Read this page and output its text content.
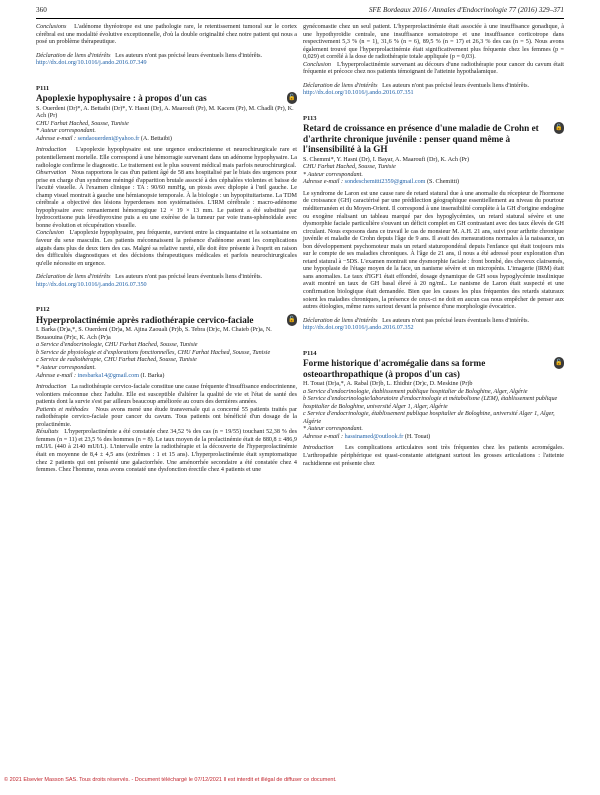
360	SFE Bordeaux 2016 / Annales d'Endocrinologie 77 (2016) 329–371

Conclusions L'adénome thyréotrope est une pathologie rare, le retentissement tumoral sur le cortex cérébral est une modalité évolutive exceptionnelle, d'où la double originalité chez notre patient qui nous a posé un problème thérapeutique.

Déclaration de liens d'intérêts Les auteurs n'ont pas précisé leurs éventuels liens d'intérêts.

http://dx.doi.org/10.1016/j.ando.2016.07.349

P111

Apoplexie hypophysaire : à propos d'un cas	🔓

S. Ouerdeni (Dr)*, A. Bettaibi (Dr)*, Y. Hasni (Dr), A. Maaroufi (Pr), M. Kacem (Pr), M. Chadli (Pr), K. Ach (Pr)

CHU Farhat Hached, Sousse, Tunisie

* Auteur correspondant.

Adresse e-mail : sendaouerdeni@yahoo.fr (A. Bettaibi)

Introduction L'apoplexie hypophysaire est une urgence endocrinienne et neurochirurgicale rare et potentiellement mortelle. Elle correspond à une hémorragie survenant dans un adénome hypophysaire. La radiologie confirme le diagnostic. Le traitement est le plus souvent médical mais parfois neurochirurgical.

Observation Nous rapportons le cas d'un patient âgé de 58 ans hospitalisé par le biais des urgences pour prise en charge d'un syndrome méningé d'apparition brutale associé à des céphalées violentes et baisse de l'acuité visuelle. À l'examen clinique : TA : 90/60 mmHg, un ptosis avec diplopie à l'œil gauche. Le champ visuel montrait à gauche une hémianopsie temporale. À la biologie : un hypopituitarisme. La TDM cérébrale a objectivé des lésions hyperdenses non systématisées. L'IRM cérébrale : macro-adénome hypophysaire avec remaniement hémorragique 12 × 19 × 13 mm. Le patient a été substitué par hydrocortisone puis lévothyroxine puis a eu une exérèse de la tumeur par voie trans-sphénoïdale avec bonne évolution et récupération visuelle.

Conclusion L'apoplexie hypophysaire, peu fréquente, survient entre la cinquantaine et la soixantaine en faveur du sexe masculin. Les patients méconnaissent la présence d'adénome avant les complications aiguës dans plus de deux tiers des cas. Malgré sa relative rareté, elle doit être présente à l'esprit en raison des difficultés diagnostiques et des décisions thérapeutiques médicales et parfois neurochirurgicales qu'elle nécessite en urgence.

Déclaration de liens d'intérêts Les auteurs n'ont pas précisé leurs éventuels liens d'intérêts.

http://dx.doi.org/10.1016/j.ando.2016.07.350

P112

Hyperprolactinémie après radiothérapie cervico-faciale	🔓

I. Barka (Dr)a,*, S. Ouerdeni (Dr)a, M. Ajina Zaouali (Pr)b, S. Tebra (Dr)c, M. Chaieb (Pr)a, N. Bouaouina (Pr)c, K. Ach (Pr)a

a Service d'endocrinologie, CHU Farhat Hached, Sousse, Tunisie

b Service de physiologie et d'explorations fonctionnelles, CHU Farhat Hached, Sousse, Tunisie

c Service de radiothérapie, CHU Farhat Hached, Sousse, Tunisie

* Auteur correspondant.

Adresse e-mail : inesbarka14@gmail.com (I. Barka)

Introduction La radiothérapie cervico-faciale constitue une cause fréquente d'insuffisance endocrinienne, volontiers méconnue chez l'adulte. Elle est susceptible d'altérer la qualité de vie et l'état de santé des patients dont la survie s'est par ailleurs beaucoup améliorée au cours des dernières années.

Patients et méthodes Nous avons mené une étude transversale qui a concerné 55 patients traités par radiothérapie cervico-faciale pour cancer du cavum. Tous patients ont bénéficié d'un dosage de la prolactinémie.

Résultats L'hyperprolactinémie a été constatée chez 34,52 % des cas (n = 19/55) touchant 52,38 % des femmes (n = 11) et 23,5 % des hommes (n = 8). Le taux moyen de la prolactinémie était de 880,8 ± 486,9 mUI/L (440 à 2140 mUI/L). L'intervalle entre la radiothérapie et la découverte de l'hyperprolactinémie était en moyenne de 8,4 ± 4,5 ans (extrêmes : 1 et 15 ans). L'hyperprolactinémie était symptomatique chez 2 patients qui ont présenté une galactorrhée. Une aménorrhée secondaire a été constatée chez 4 femmes. Chez l'homme, nous avons constaté une dysfonction érectile chez 4 patients et une

gynécomastie chez un seul patient. L'hyperprolactinémie était associée à une insuffisance gonadique, à une hypothyroïdie centrale, une insuffisance somatotrope et une insuffisance corticotrope dans respectivement 5,3 % (n = 1), 31,6 % (n = 6), 89,5 % (n = 17) et 26,3 % des cas (n = 5). Nous avons également trouvé que l'hyperprolactinémie était significativement plus fréquente chez les femmes (p = 0,029) et corrélé à la dose de radiothérapie totale appliquée (p = 0,03).

Conclusion L'hyperprolactinémie survenant au décours d'une radiothérapie pour cancer du cavum était fréquente et précoce chez nos patients témoignant de l'atteinte hypothalamique.

Déclaration de liens d'intérêts Les auteurs n'ont pas précisé leurs éventuels liens d'intérêts.

http://dx.doi.org/10.1016/j.ando.2016.07.351

P113

Retard de croissance en présence d'une maladie de Crohn et d'arthrite chronique juvénile : penser quand même à l'insensibilité à la GH
🔓

S. Chemmi*, Y. Hasni (Dr), I. Bayar, A. Maaroufi (Dr), K. Ach (Pr)

CHU Farhat Hached, Sousse, Tunisie

* Auteur correspondant.

Adresse e-mail : sondeschemitti2359@gmail.com (S. Chemitti)

Le syndrome de Laron est une cause rare de retard statural due à une anomalie du récepteur de l'hormone de croissance (GH) caractérisé par une prédilection géographique essentiellement au niveau du pourtour méditerranéen et du Moyen-Orient. Il correspond à une insensibilité complète à la GH d'origine endogène ou exogène réalisant un tableau marqué par des hypoglycémies, un retard statural sévère et une dysmorphie faciale particulière s'ouvant un déficit complet en GH contrastant avec des taux élevés de GH circulant. Nous exposons dans ce travail le cas de monsieur M. A.H. 21 ans, suivi pour arthrite chronique juvénile et maladie de Crohn depuis l'âge de 9 ans. Il avait des mensurations normales à la naissance, un bon développement psychomoteur mais un retard staturopondéral depuis l'enfance qui était toujours mis sur le compte de ses maladies chroniques. À l'âge de 21 ans, il nous a été adressé pour exploration d'un retard statural à −5DS. L'examen montrait une dysmorphie faciale : front bombé, des cheveux clairsemés, une hypoplasie de l'étage moyen de la face, un nanisme sévère et un micropénis. L'imagerie (IRM) était sans anomalies. Le taux d'IGF1 était effondré, dosage dynamique de GH sous hypoglycémie insulinique avait montré un taux de GH basal élevé à 20 ng/mL. Le nanisme de Laron était suspecté et une confirmation biologique était demandée. Bien que les causes les plus fréquentes des retards staturaux soient les maladies chroniques, la présence de ceux-ci ne doit en aucun cas nous empêcher de penser aux autres étiologies, même rares surtout devant la présence d'une morphologie évocatrice.

Déclaration de liens d'intérêts Les auteurs n'ont pas précisé leurs éventuels liens d'intérêts.

http://dx.doi.org/10.1016/j.ando.2016.07.352

P114

Forme historique d'acromégalie dans sa forme osteoarthropathique (à propos d'un cas)
🔓

H. Touat (Dr)a,*, A. Rabal (Dr)b, L. Ehidhir (Dr)c, D. Meskine (Pr)b

a Service d'endocrinologie, établissement publique hospitalier de Bologhine, Alger, Algérie

b Service d'endocrinologie/laboratoire d'endocrinologie et métabolisme (LEM), établissement publique hospitalier de Bologhine, université Alger 1, Alger, Algérie

c Service d'endocrinologie, établissement publique hospitalier de Bologhine, université Alger 1, Alger, Algérie

* Auteur correspondant.

Adresse e-mail : hassinamed@outlook.fr (H. Touat)

Introduction Les complications articulaires sont très fréquentes chez les patients acromégales. L'arthropathie périphérique est quasi-constante atteignant surtout les grosses articulations : l'atteinte rachidienne est présente chez

© 2021 Elsevier Masson SAS. Tous droits réservés. - Document téléchargé le 07/12/2021 Il est interdit et illégal de diffuser ce document.
